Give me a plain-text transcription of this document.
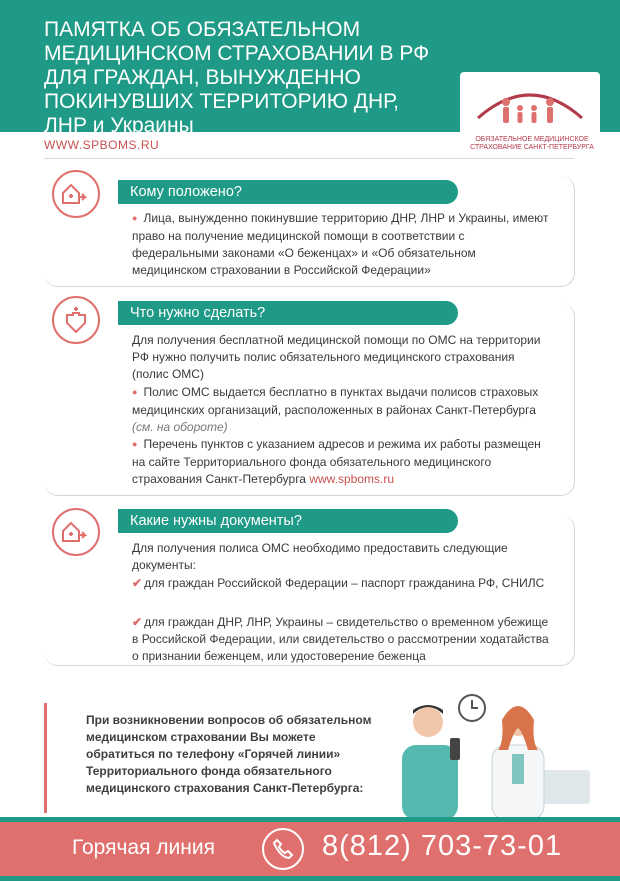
ПАМЯТКА ОБ ОБЯЗАТЕЛЬНОМ МЕДИЦИНСКОМ СТРАХОВАНИИ В РФ ДЛЯ ГРАЖДАН, ВЫНУЖДЕННО ПОКИНУВШИХ ТЕРРИТОРИЮ ДНР, ЛНР и Украины
ОБЯЗАТЕЛЬНОЕ МЕДИЦИНСКОЕ СТРАХОВАНИЕ САНКТ-ПЕТЕРБУРГА
WWW.SPBOMS.RU
Кому положено?
● Лица, вынужденно покинувшие территорию ДНР, ЛНР и Украины, имеют право на получение медицинской помощи в соответствии с федеральными законами «О беженцах» и «Об обязательном медицинском страховании в Российской Федерации»
Что нужно сделать?
Для получения бесплатной медицинской помощи по ОМС на территории РФ нужно получить полис обязательного медицинского страхования (полис ОМС)
● Полис ОМС выдается бесплатно в пунктах выдачи полисов страховых медицинских организаций, расположенных в районах Санкт-Петербурга (см. на обороте)
● Перечень пунктов с указанием адресов и режима их работы размещен на сайте Территориального фонда обязательного медицинского страхования Санкт-Петербурга www.spboms.ru
Какие нужны документы?
Для получения полиса ОМС необходимо предоставить следующие документы:
✔ для граждан Российской Федерации – паспорт гражданина РФ, СНИЛС
✔ для граждан ДНР, ЛНР, Украины – свидетельство о временном убежище в Российской Федерации, или свидетельство о рассмотрении ходатайства о признании беженцем, или удостоверение беженца
При возникновении вопросов об обязательном медицинском страховании Вы можете обратиться по телефону «Горячей линии» Территориального фонда обязательного медицинского страхования Санкт-Петербурга:
Горячая линия	8(812) 703-73-01
